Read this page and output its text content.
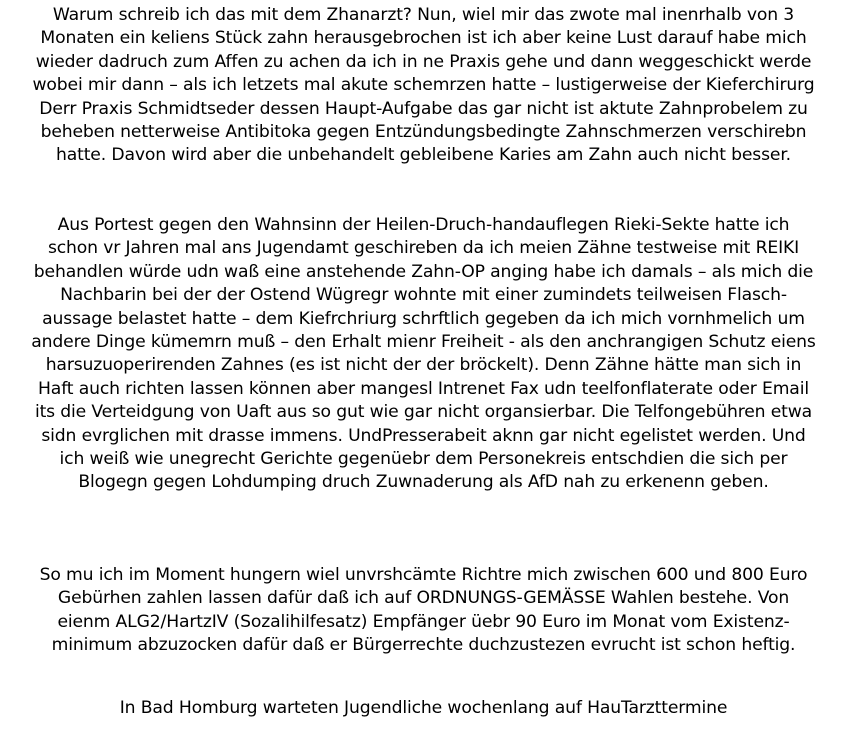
Warum schreib ich das mit dem Zhanarzt? Nun, wiel mir das zwote mal inenrhalb von 3
Monaten ein keliens Stück zahn herausgebrochen ist ich aber keine Lust darauf habe mich
wieder dadruch zum Affen zu achen da ich in ne Praxis gehe und dann weggeschickt werde
wobei mir dann – als ich letzets mal akute schemrzen hatte – lustigerweise der Kieferchirurg
Derr Praxis Schmidtseder dessen Haupt-Aufgabe das gar nicht ist aktute Zahnprobelem zu
beheben netterweise Antibitoka gegen Entzündungsbedingte Zahnschmerzen verschirebn
hatte. Davon wird aber die unbehandelt gebleibene Karies am Zahn auch nicht besser.

Aus Portest gegen den Wahnsinn der Heilen-Druch-handauflegen Rieki-Sekte hatte ich
schon vr Jahren mal ans Jugendamt geschireben da ich meien Zähne testweise mit REIKI
behandlen würde udn waß eine anstehende Zahn-OP anging habe ich damals – als mich die
Nachbarin bei der der Ostend Wügregr wohnte mit einer zumindets teilweisen Flasch-
aussage belastet hatte – dem Kiefrchriurg schrftlich gegeben da ich mich vornhmelich um
andere Dinge kümemrn muß – den Erhalt mienr Freiheit - als den anchrangigen Schutz eiens
harsuzuoperirenden Zahnes (es ist nicht der der bröckelt). Denn Zähne hätte man sich in
Haft auch richten lassen können aber mangesl Intrenet Fax udn teelfonflaterate oder Email
its die Verteidgung von Uaft aus so gut wie gar nicht organsierbar. Die Telfongebühren etwa
sidn evrglichen mit drasse immens. UndPresserabeit aknn gar nicht egelistet werden. Und
ich weiß wie unegrecht Gerichte gegenüebr dem Personekreis entschdien die sich per
Blogegn gegen Lohdumping druch Zuwnaderung als AfD nah zu erkenenn geben.

So mu ich im Moment hungern wiel unvrshcämte Richtre mich zwischen 600 und 800 Euro
Gebürhen zahlen lassen dafür daß ich auf ORDNUNGS-GEMÄSSE Wahlen bestehe. Von
eienm ALG2/HartzIV (Sozalihilfesatz) Empfänger üebr 90 Euro im Monat vom Existenz-
minimum abzuzocken dafür daß er Bürgerrechte duchzustezen evrucht ist schon heftig.

In Bad Homburg warteten Jugendliche wochenlang auf HauTarzttermine
